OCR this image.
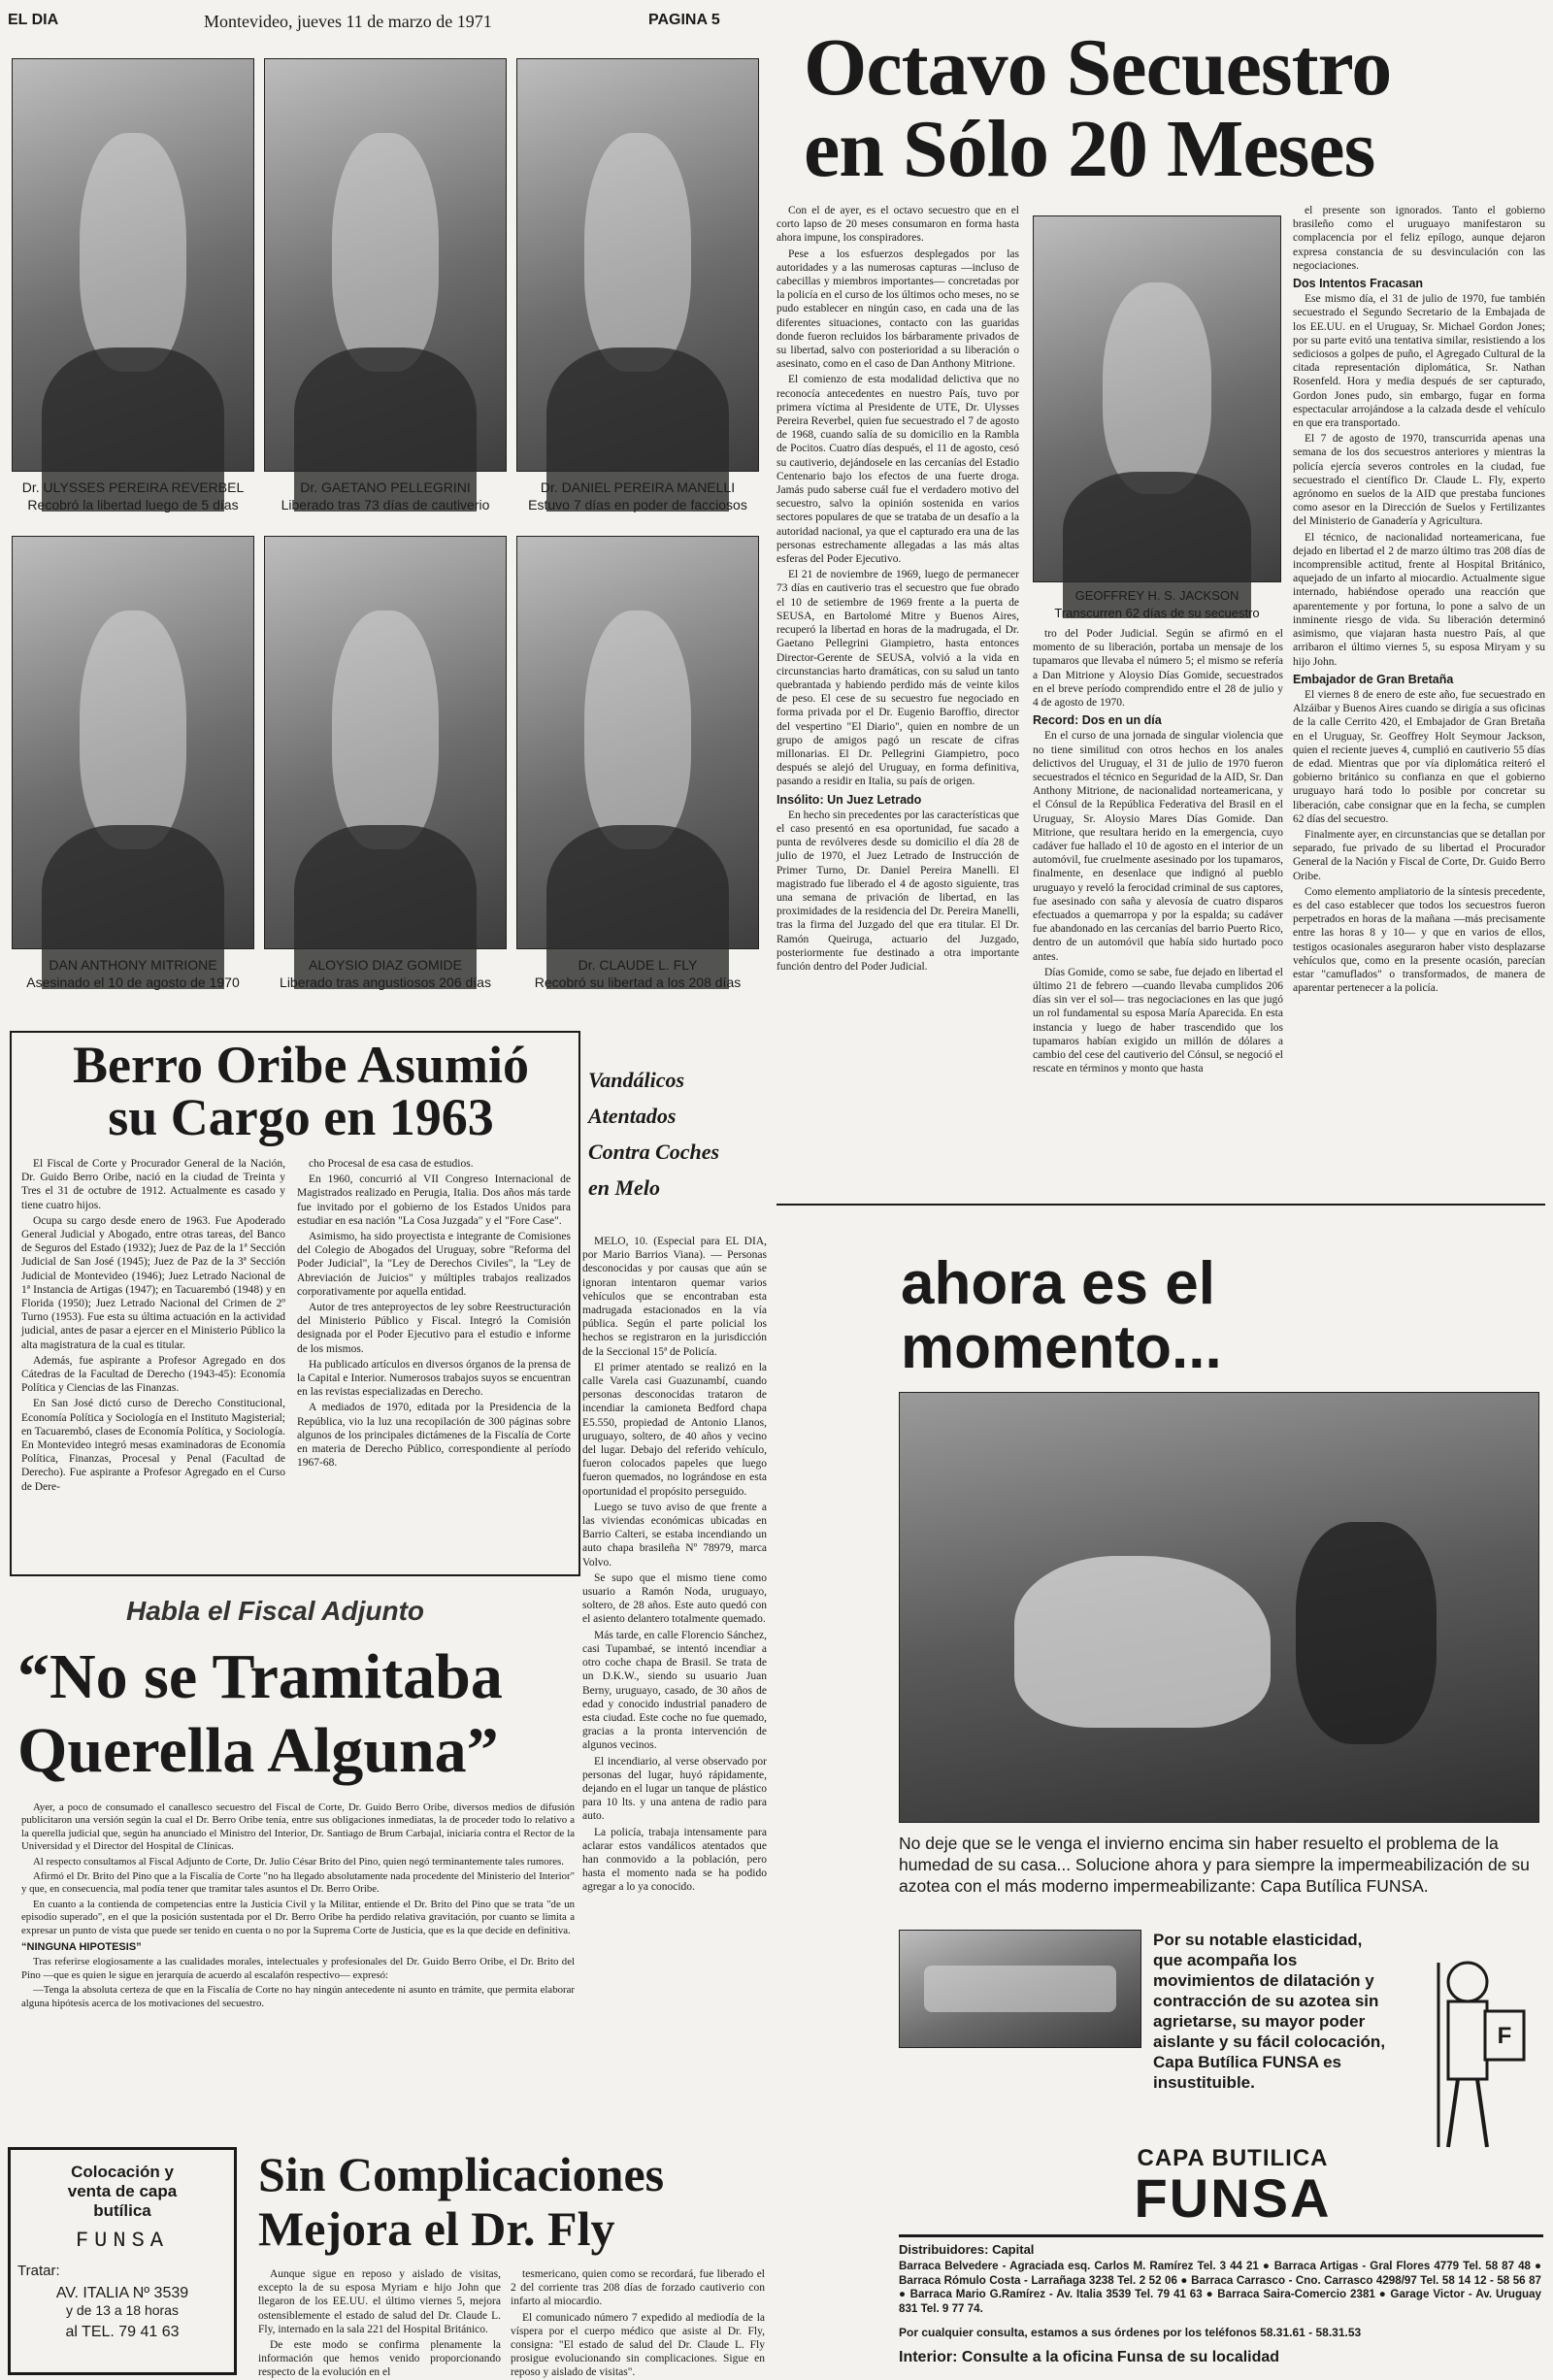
EL DIA	Montevideo, jueves 11 de marzo de 1971	PAGINA 5
Dr. ULYSSES PEREIRA REVERBEL
Recobró la libertad luego de 5 días
Dr. GAETANO PELLEGRINI
Liberado tras 73 días de cautiverio
Dr. DANIEL PEREIRA MANELLI
Estuvo 7 días en poder de facciosos
DAN ANTHONY MITRIONE
Asesinado el 10 de agosto de 1970
ALOYSIO DIAZ GOMIDE
Liberado tras angustiosos 206 días
Dr. CLAUDE L. FLY
Recobró su libertad a los 208 días
Octavo Secuestro
en Sólo 20 Meses

Con el de ayer, es el octavo secuestro que en el corto lapso de 20 meses consumaron en forma hasta ahora impune, los conspiradores.

Pese a los esfuerzos desplegados por las autoridades y a las numerosas capturas —incluso de cabecillas y miembros importantes— concretadas por la policía en el curso de los últimos ocho meses, no se pudo establecer en ningún caso, en cada una de las diferentes situaciones, contacto con las guaridas donde fueron recluidos los bárbaramente privados de su libertad, salvo con posterioridad a su liberación o asesinato, como en el caso de Dan Anthony Mitrione.

El comienzo de esta modalidad delictiva que no reconocía antecedentes en nuestro País, tuvo por primera víctima al Presidente de UTE, Dr. Ulysses Pereira Reverbel, quien fue secuestrado el 7 de agosto de 1968, cuando salía de su domicilio en la Rambla de Pocitos. Cuatro días después, el 11 de agosto, cesó su cautiverio, dejándosele en las cercanías del Estadio Centenario bajo los efectos de una fuerte droga. Jamás pudo saberse cuál fue el verdadero motivo del secuestro, salvo la opinión sostenida en varios sectores populares de que se trataba de un desafío a la autoridad nacional, ya que el capturado era una de las personas estrechamente allegadas a las más altas esferas del Poder Ejecutivo.

El 21 de noviembre de 1969, luego de permanecer 73 días en cautiverio tras el secuestro que fue obrado el 10 de setiembre de 1969 frente a la puerta de SEUSA, en Bartolomé Mitre y Buenos Aires, recuperó la libertad en horas de la madrugada, el Dr. Gaetano Pellegrini Giampietro, hasta entonces Director-Gerente de SEUSA, volvió a la vida en circunstancias harto dramáticas, con su salud un tanto quebrantada y habiendo perdido más de veinte kilos de peso. El cese de su secuestro fue negociado en forma privada por el Dr. Eugenio Baroffio, director del vespertino "El Diario", quien en nombre de un grupo de amigos pagó un rescate de cifras millonarias. El Dr. Pellegrini Giampietro, poco después se alejó del Uruguay, en forma definitiva, pasando a residir en Italia, su país de origen.

Insólito: Un Juez Letrado

En hecho sin precedentes por las características que el caso presentó en esa oportunidad, fue sacado a punta de revólveres desde su domicilio el día 28 de julio de 1970, el Juez Letrado de Instrucción de Primer Turno, Dr. Daniel Pereira Manelli. El magistrado fue liberado el 4 de agosto siguiente, tras una semana de privación de libertad, en las proximidades de la residencia del Dr. Pereira Manelli, tras la firma del Juzgado del que era titular. El Dr. Ramón Queiruga, actuario del Juzgado, posteriormente fue destinado a otra importante función dentro del Poder Judicial.

GEOFFREY H. S. JACKSON
Transcurren 62 días de su secuestro

tro del Poder Judicial. Según se afirmó en el momento de su liberación, portaba un mensaje de los tupamaros que llevaba el número 5; el mismo se refería a Dan Mitrione y Aloysio Días Gomide, secuestrados en el breve período comprendido entre el 28 de julio y 4 de agosto de 1970.

Record: Dos en un día

En el curso de una jornada de singular violencia que no tiene similitud con otros hechos en los anales delictivos del Uruguay, el 31 de julio de 1970 fueron secuestrados el técnico en Seguridad de la AID, Sr. Dan Anthony Mitrione, de nacionalidad norteamericana, y el Cónsul de la República Federativa del Brasil en el Uruguay, Sr. Aloysio Mares Días Gomide. Dan Mitrione, que resultara herido en la emergencia, cuyo cadáver fue hallado el 10 de agosto en el interior de un automóvil, fue cruelmente asesinado por los tupamaros, finalmente, en desenlace que indignó al pueblo uruguayo y reveló la ferocidad criminal de sus captores, fue asesinado con saña y alevosía de cuatro disparos efectuados a quemarropa y por la espalda; su cadáver fue abandonado en las cercanías del barrio Puerto Rico, dentro de un automóvil que había sido hurtado poco antes.

Días Gomide, como se sabe, fue dejado en libertad el último 21 de febrero —cuando llevaba cumplidos 206 días sin ver el sol— tras negociaciones en las que jugó un rol fundamental su esposa María Aparecida. En esta instancia y luego de haber trascendido que los tupamaros habían exigido un millón de dólares a cambio del cese del cautiverio del Cónsul, se negoció el rescate en términos y monto que hasta

el presente son ignorados. Tanto el gobierno brasileño como el uruguayo manifestaron su complacencia por el feliz epílogo, aunque dejaron expresa constancia de su desvinculación con las negociaciones.

Dos Intentos Fracasan

Ese mismo día, el 31 de julio de 1970, fue también secuestrado el Segundo Secretario de la Embajada de los EE.UU. en el Uruguay, Sr. Michael Gordon Jones; por su parte evitó una tentativa similar, resistiendo a los sediciosos a golpes de puño, el Agregado Cultural de la citada representación diplomática, Sr. Nathan Rosenfeld. Hora y media después de ser capturado, Gordon Jones pudo, sin embargo, fugar en forma espectacular arrojándose a la calzada desde el vehículo en que era transportado.

El 7 de agosto de 1970, transcurrida apenas una semana de los dos secuestros anteriores y mientras la policía ejercía severos controles en la ciudad, fue secuestrado el científico Dr. Claude L. Fly, experto agrónomo en suelos de la AID que prestaba funciones como asesor en la Dirección de Suelos y Fertilizantes del Ministerio de Ganadería y Agricultura.

El técnico, de nacionalidad norteamericana, fue dejado en libertad el 2 de marzo último tras 208 días de incomprensible actitud, frente al Hospital Británico, aquejado de un infarto al miocardio. Actualmente sigue internado, habiéndose operado una reacción que aparentemente y por fortuna, lo pone a salvo de un inminente riesgo de vida. Su liberación determinó asimismo, que viajaran hasta nuestro País, al que arribaron el último viernes 5, su esposa Miryam y su hijo John.

Embajador de Gran Bretaña

El viernes 8 de enero de este año, fue secuestrado en Alzáibar y Buenos Aires cuando se dirigía a sus oficinas de la calle Cerrito 420, el Embajador de Gran Bretaña en el Uruguay, Sr. Geoffrey Holt Seymour Jackson, quien el reciente jueves 4, cumplió en cautiverio 55 días de edad. Mientras que por vía diplomática reiteró el gobierno británico su confianza en que el gobierno uruguayo hará todo lo posible por concretar su liberación, cabe consignar que en la fecha, se cumplen 62 días del secuestro.

Finalmente ayer, en circunstancias que se detallan por separado, fue privado de su libertad el Procurador General de la Nación y Fiscal de Corte, Dr. Guido Berro Oribe.

Como elemento ampliatorio de la síntesis precedente, es del caso establecer que todos los secuestros fueron perpetrados en horas de la mañana —más precisamente entre las horas 8 y 10— y que en varios de ellos, testigos ocasionales aseguraron haber visto desplazarse vehículos que, como en la presente ocasión, parecían estar "camuflados" o transformados, de manera de aparentar pertenecer a la policía.

Berro Oribe Asumió
su Cargo en 1963

El Fiscal de Corte y Procurador General de la Nación, Dr. Guido Berro Oribe, nació en la ciudad de Treinta y Tres el 31 de octubre de 1912. Actualmente es casado y tiene cuatro hijos.

Ocupa su cargo desde enero de 1963. Fue Apoderado General Judicial y Abogado, entre otras tareas, del Banco de Seguros del Estado (1932); Juez de Paz de la 1ª Sección Judicial de San José (1945); Juez de Paz de la 3ª Sección Judicial de Montevideo (1946); Juez Letrado Nacional de 1ª Instancia de Artigas (1947); en Tacuarembó (1948) y en Florida (1950); Juez Letrado Nacional del Crimen de 2º Turno (1953). Fue esta su última actuación en la actividad judicial, antes de pasar a ejercer en el Ministerio Público la alta magistratura de la cual es titular.

Además, fue aspirante a Profesor Agregado en dos Cátedras de la Facultad de Derecho (1943-45): Economía Política y Ciencias de las Finanzas.

En San José dictó curso de Derecho Constitucional, Economía Política y Sociología en el Instituto Magisterial; en Tacuarembó, clases de Economía Política, y Sociología. En Montevideo integró mesas examinadoras de Economía Política, Finanzas, Procesal y Penal (Facultad de Derecho). Fue aspirante a Profesor Agregado en el Curso de Dere-

cho Procesal de esa casa de estudios.

En 1960, concurrió al VII Congreso Internacional de Magistrados realizado en Perugia, Italia. Dos años más tarde fue invitado por el gobierno de los Estados Unidos para estudiar en esa nación "La Cosa Juzgada" y el "Fore Case".

Asimismo, ha sido proyectista e integrante de Comisiones del Colegio de Abogados del Uruguay, sobre "Reforma del Poder Judicial", la "Ley de Derechos Civiles", la "Ley de Abreviación de Juicios" y múltiples trabajos realizados corporativamente por aquella entidad.

Autor de tres anteproyectos de ley sobre Reestructuración del Ministerio Público y Fiscal. Integró la Comisión designada por el Poder Ejecutivo para el estudio e informe de los mismos.

Ha publicado artículos en diversos órganos de la prensa de la Capital e Interior. Numerosos trabajos suyos se encuentran en las revistas especializadas en Derecho.

A mediados de 1970, editada por la Presidencia de la República, vio la luz una recopilación de 300 páginas sobre algunos de los principales dictámenes de la Fiscalía de Corte en materia de Derecho Público, correspondiente al período 1967-68.

Vandálicos
Atentados
Contra Coches
en Melo

MELO, 10. (Especial para EL DIA, por Mario Barrios Viana). — Personas desconocidas y por causas que aún se ignoran intentaron quemar varios vehículos que se encontraban esta madrugada estacionados en la vía pública. Según el parte policial los hechos se registraron en la jurisdicción de la Seccional 15ª de Policía.

El primer atentado se realizó en la calle Varela casi Guazunambí, cuando personas desconocidas trataron de incendiar la camioneta Bedford chapa E5.550, propiedad de Antonio Llanos, uruguayo, soltero, de 40 años y vecino del lugar. Debajo del referido vehículo, fueron colocados papeles que luego fueron quemados, no lográndose en esta oportunidad el propósito perseguido.

Luego se tuvo aviso de que frente a las viviendas económicas ubicadas en Barrio Calteri, se estaba incendiando un auto chapa brasileña Nº 78979, marca Volvo.

Se supo que el mismo tiene como usuario a Ramón Noda, uruguayo, soltero, de 28 años. Este auto quedó con el asiento delantero totalmente quemado.

Más tarde, en calle Florencio Sánchez, casi Tupambaé, se intentó incendiar a otro coche chapa de Brasil. Se trata de un D.K.W., siendo su usuario Juan Berny, uruguayo, casado, de 30 años de edad y conocido industrial panadero de esta ciudad. Este coche no fue quemado, gracias a la pronta intervención de algunos vecinos.

El incendiario, al verse observado por personas del lugar, huyó rápidamente, dejando en el lugar un tanque de plástico para 10 lts. y una antena de radio para auto.

La policía, trabaja intensamente para aclarar estos vandálicos atentados que han conmovido a la población, pero hasta el momento nada se ha podido agregar a lo ya conocido.

Habla el Fiscal Adjunto
“No se Tramitaba
Querella Alguna”

Ayer, a poco de consumado el canallesco secuestro del Fiscal de Corte, Dr. Guido Berro Oribe, diversos medios de difusión publicitaron una versión según la cual el Dr. Berro Oribe tenía, entre sus obligaciones inmediatas, la de proceder todo lo relativo a la querella judicial que, según ha anunciado el Ministro del Interior, Dr. Santiago de Brum Carbajal, iniciaría contra el Rector de la Universidad y el Director del Hospital de Clínicas.

Al respecto consultamos al Fiscal Adjunto de Corte, Dr. Julio César Brito del Pino, quien negó terminantemente tales rumores.

Afirmó el Dr. Brito del Pino que a la Fiscalía de Corte "no ha llegado absolutamente nada procedente del Ministerio del Interior" y que, en consecuencia, mal podía tener que tramitar tales asuntos el Dr. Berro Oribe.

En cuanto a la contienda de competencias entre la Justicia Civil y la Militar, entiende el Dr. Brito del Pino que se trata "de un episodio superado", en el que la posición sustentada por el Dr. Berro Oribe ha perdido relativa gravitación, por cuanto se limita a expresar un punto de vista que puede ser tenido en cuenta o no por la Suprema Corte de Justicia, que es la que decide en definitiva.

“NINGUNA HIPOTESIS”

Tras referirse elogiosamente a las cualidades morales, intelectuales y profesionales del Dr. Guido Berro Oribe, el Dr. Brito del Pino —que es quien le sigue en jerarquía de acuerdo al escalafón respectivo— expresó:

—Tenga la absoluta certeza de que en la Fiscalía de Corte no hay ningún antecedente ni asunto en trámite, que permita elaborar alguna hipótesis acerca de los motivaciones del secuestro.

Colocación y
venta de capa
butílica
FUNSA
Tratar:
AV. ITALIA Nº 3539
y de 13 a 18 horas
al TEL. 79 41 63
Sin Complicaciones
Mejora el Dr. Fly

Aunque sigue en reposo y aislado de visitas, excepto la de su esposa Myriam e hijo John que llegaron de los EE.UU. el último viernes 5, mejora ostensiblemente el estado de salud del Dr. Claude L. Fly, internado en la sala 221 del Hospital Británico.

De este modo se confirma plenamente la información que hemos venido proporcionando respecto de la evolución en el

tesmericano, quien como se recordará, fue liberado el 2 del corriente tras 208 días de forzado cautiverio con infarto al miocardio.

El comunicado número 7 expedido al mediodía de la víspera por el cuerpo médico que asiste al Dr. Fly, consigna: "El estado de salud del Dr. Claude L. Fly prosigue evolucionando sin complicaciones. Sigue en reposo y aislado de visitas".

ahora es el
momento...
No deje que se le venga el invierno encima sin haber resuelto el problema de la humedad de su casa... Solucione ahora y para siempre la impermeabilización de su azotea con el más moderno impermeabilizante: Capa Butílica FUNSA.
Por su notable elasticidad, que acompaña los movimientos de dilatación y contracción de su azotea sin agrietarse, su mayor poder aislante y su fácil colocación, Capa Butílica FUNSA es insustituible.
F
CAPA BUTILICA
FUNSA
Distribuidores: Capital
Barraca Belvedere - Agraciada esq. Carlos M. Ramírez Tel. 3 44 21 ● Barraca Artigas - Gral Flores 4779 Tel. 58 87 48 ● Barraca Rómulo Costa - Larrañaga 3238 Tel. 2 52 06 ● Barraca Carrasco - Cno. Carrasco 4298/97 Tel. 58 14 12 - 58 56 87 ● Barraca Mario G.Ramírez - Av. Italia 3539 Tel. 79 41 63 ● Barraca Saira-Comercio 2381 ● Garage Victor - Av. Uruguay 831 Tel. 9 77 74.
Por cualquier consulta, estamos a sus órdenes por los teléfonos 58.31.61 - 58.31.53
Interior: Consulte a la oficina Funsa de su localidad
